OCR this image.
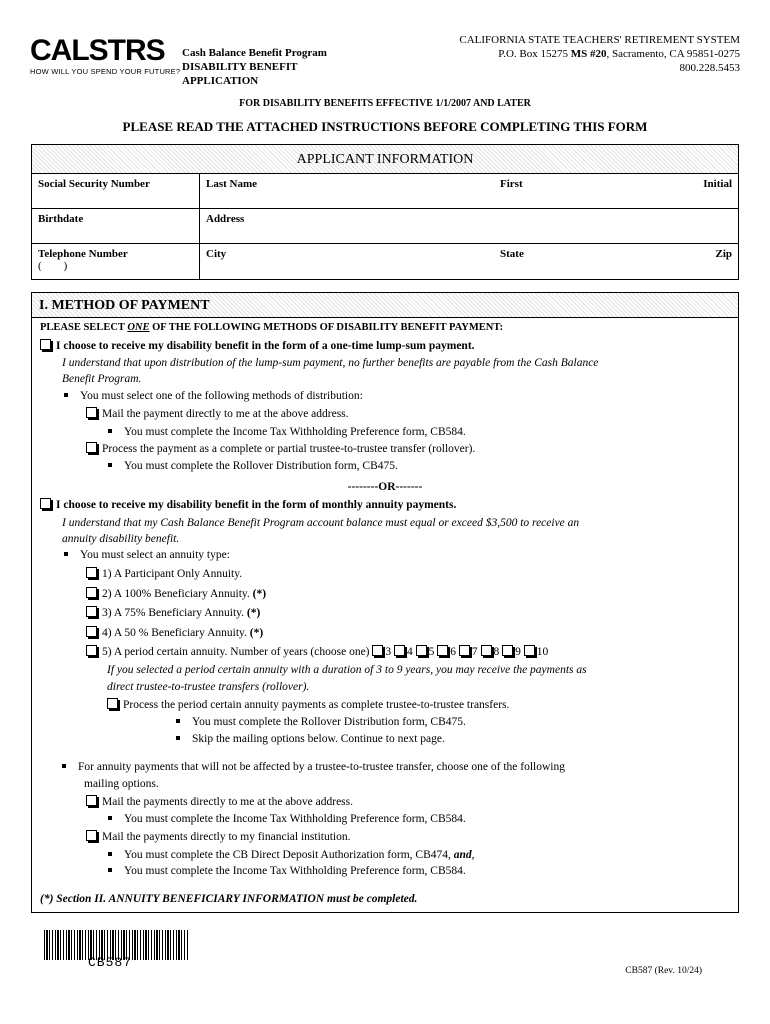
CALSTRS
HOW WILL YOU SPEND YOUR FUTURE?
Cash Balance Benefit Program
DISABILITY BENEFIT
APPLICATION
CALIFORNIA STATE TEACHERS' RETIREMENT SYSTEM
P.O. Box 15275 MS #20, Sacramento, CA 95851-0275
800.228.5453
FOR DISABILITY BENEFITS EFFECTIVE 1/1/2007 AND LATER
PLEASE READ THE ATTACHED INSTRUCTIONS BEFORE COMPLETING THIS FORM
APPLICANT INFORMATION
Social Security Number	Last Name	First	Initial
Birthdate	Address		

Telephone Number
(        )	City	State	Zip
I. METHOD OF PAYMENT
PLEASE SELECT ONE OF THE FOLLOWING METHODS OF DISABILITY BENEFIT PAYMENT:
I choose to receive my disability benefit in the form of a one-time lump-sum payment.
I understand that upon distribution of the lump-sum payment, no further benefits are payable from the Cash Balance
Benefit Program.
You must select one of the following methods of distribution:
Mail the payment directly to me at the above address.
You must complete the Income Tax Withholding Preference form, CB584.
Process the payment as a complete or partial trustee-to-trustee transfer (rollover).
You must complete the Rollover Distribution form, CB475.
--------OR-------
I choose to receive my disability benefit in the form of monthly annuity payments.
I understand that my Cash Balance Benefit Program account balance must equal or exceed $3,500 to receive an
annuity disability benefit.
You must select an annuity type:
1) A Participant Only Annuity.
2) A 100% Beneficiary Annuity. (*)
3) A 75% Beneficiary Annuity. (*)
4) A 50 % Beneficiary Annuity. (*)
5) A period certain annuity. Number of years (choose one) 3 4 5 6 7 8 9 10
If you selected a period certain annuity with a duration of 3 to 9 years, you may receive the payments as
direct trustee-to-trustee transfers (rollover).
Process the period certain annuity payments as complete trustee-to-trustee transfers.
You must complete the Rollover Distribution form, CB475.
Skip the mailing options below. Continue to next page.
For annuity payments that will not be affected by a trustee-to-trustee transfer, choose one of the following
mailing options.
Mail the payments directly to me at the above address.
You must complete the Income Tax Withholding Preference form, CB584.
Mail the payments directly to my financial institution.
You must complete the CB Direct Deposit Authorization form, CB474, and,
You must complete the Income Tax Withholding Preference form, CB584.
(*) Section II. ANNUITY BENEFICIARY INFORMATION must be completed.
CB587
CB587 (Rev. 10/24)
